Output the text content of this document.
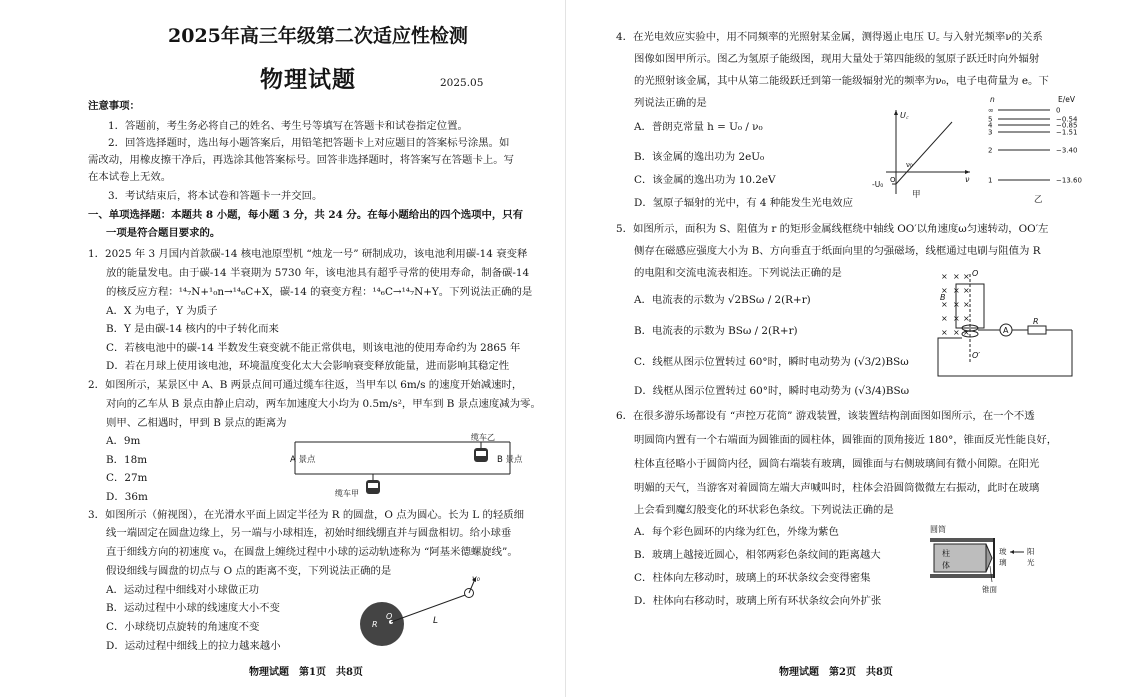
2025年高三年级第二次适应性检测
物理试题	2025.05
注意事项：
1．答题前，考生务必将自己的姓名、考生号等填写在答题卡和试卷指定位置。
2．回答选择题时，选出每小题答案后，用铅笔把答题卡上对应题目的答案标号涂黑。如
需改动，用橡皮擦干净后，再选涂其他答案标号。回答非选择题时，将答案写在答题卡上。写
在本试卷上无效。
3．考试结束后，将本试卷和答题卡一并交回。
一、单项选择题：本题共 8 小题，每小题 3 分，共 24 分。在每小题给出的四个选项中，只有
一项是符合题目要求的。
1．2025 年 3 月国内首款碳-14 核电池原型机 “烛龙一号” 研制成功，该电池利用碳-14 衰变释
放的能量发电。由于碳-14 半衰期为 5730 年，该电池具有超乎寻常的使用寿命，制备碳-14
的核反应方程：¹⁴₇N+¹₀n→¹⁴₆C+X，碳-14 的衰变方程：¹⁴₆C→¹⁴₇N+Y。下列说法正确的是
A．X 为电子，Y 为质子
B．Y 是由碳-14 核内的中子转化而来
C．若核电池中的碳-14 半数发生衰变就不能正常供电，则该电池的使用寿命约为 2865 年
D．若在月球上使用该电池，环境温度变化太大会影响衰变释放能量，进而影响其稳定性
2．如图所示，某景区中 A、B 两景点间可通过缆车往返，当甲车以 6m/s 的速度开始减速时，
对向的乙车从 B 景点由静止启动，两车加速度大小均为 0.5m/s²，甲车到 B 景点速度减为零。
则甲、乙相遇时，甲到 B 景点的距离为
A．9m
B．18m
C．27m
D．36m
A 景点	B 景点
缆车乙
缆车甲
3．如图所示（俯视图），在光滑水平面上固定半径为 R 的圆盘，O 点为圆心。长为 L 的轻质细
线一端固定在圆盘边缘上，另一端与小球相连，初始时细线绷直并与圆盘相切。给小球垂
直于细线方向的初速度 v₀，在圆盘上缠绕过程中小球的运动轨迹称为 “阿基米德螺旋线”。
假设细线与圆盘的切点与 O 点的距离不变，下列说法正确的是
A．运动过程中细线对小球做正功
B．运动过程中小球的线速度大小不变
C．小球绕切点旋转的角速度不变
D．运动过程中细线上的拉力越来越小
v₀
R
O	L
物理试题　第1页　共8页
4．在光电效应实验中，用不同频率的光照射某金属，测得遏止电压 U꜀ 与入射光频率ν的关系
图像如图甲所示。图乙为氢原子能级图，现用大量处于第四能级的氢原子跃迁时向外辐射
的光照射该金属，其中从第二能级跃迁到第一能级辐射光的频率为ν₀，电子电荷量为 e。下
列说法正确的是
A．普朗克常量 h = U₀ / ν₀
B．该金属的逸出功为 2eU₀
C．该金属的逸出功为 10.2eV
D．氢原子辐射的光中，有 4 种能发生光电效应
U꜀
ν
ν₀
-U₀ O
甲
n	E/eV
∞	0
5	−0.54
4	−0.85
3	−1.51
2	−3.40
1	−13.60
乙
5．如图所示，面积为 S、阻值为 r 的矩形金属线框绕中轴线 OO′以角速度ω匀速转动，OO′左
侧存在磁感应强度大小为 B、方向垂直于纸面向里的匀强磁场，线框通过电刷与阻值为 R
的电阻和交流电流表相连。下列说法正确的是
A．电流表的示数为 √2BSω / 2(R+r)
B．电流表的示数为 BSω / 2(R+r)
C．线框从图示位置转过 60°时，瞬时电动势为 (√3/2)BSω
D．线框从图示位置转过 60°时，瞬时电动势为 (√3/4)BSω
× × ×
× × ×
× × ×
× × ×
× × ×	A
R
O
O′
B
6．在很多游乐场都设有 “声控万花筒” 游戏装置，该装置结构剖面图如图所示，在一个不透
明圆筒内置有一个右端面为圆锥面的圆柱体，圆锥面的顶角接近 180°，锥面反光性能良好，
柱体直径略小于圆筒内径，圆筒右端装有玻璃，圆锥面与右侧玻璃间有微小间隙。在阳光
明媚的天气，当游客对着圆筒左端大声喊叫时，柱体会沿圆筒微微左右振动，此时在玻璃
上会看到魔幻般变化的环状彩色条纹。下列说法正确的是
A．每个彩色圆环的内缘为红色，外缘为紫色
B．玻璃上越接近圆心，相邻两彩色条纹间的距离越大
C．柱体向左移动时，玻璃上的环状条纹会变得密集
D．柱体向右移动时，玻璃上所有环状条纹会向外扩张
圆筒
柱
体
玻
璃
阳
光
锥面
物理试题　第2页　共8页
